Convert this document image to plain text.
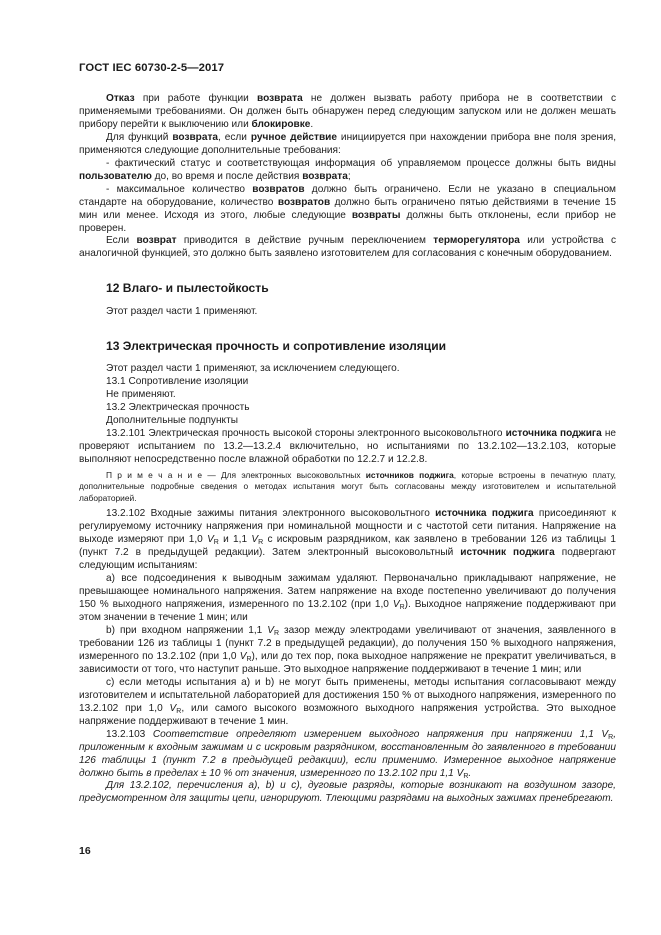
ГОСТ IEC 60730-2-5—2017

Отказ при работе функции возврата не должен вызвать работу прибора не в соответствии с применяемыми требованиями. Он должен быть обнаружен перед следующим запуском или не должен мешать прибору перейти к выключению или блокировке.

Для функций возврата, если ручное действие инициируется при нахождении прибора вне поля зрения, применяются следующие дополнительные требования:

- фактический статус и соответствующая информация об управляемом процессе должны быть видны пользователю до, во время и после действия возврата;

- максимальное количество возвратов должно быть ограничено. Если не указано в специальном стандарте на оборудование, количество возвратов должно быть ограничено пятью действиями в течение 15 мин или менее. Исходя из этого, любые следующие возвраты должны быть отклонены, если прибор не проверен.

Если возврат приводится в действие ручным переключением терморегулятора или устройства с аналогичной функцией, это должно быть заявлено изготовителем для согласования с конечным оборудованием.

12 Влаго- и пылестойкость

Этот раздел части 1 применяют.

13 Электрическая прочность и сопротивление изоляции

Этот раздел части 1 применяют, за исключением следующего.

13.1 Сопротивление изоляции

Не применяют.

13.2 Электрическая прочность

Дополнительные подпункты

13.2.101 Электрическая прочность высокой стороны электронного высоковольтного источника поджига не проверяют испытанием по 13.2—13.2.4 включительно, но испытаниями по 13.2.102—13.2.103, которые выполняют непосредственно после влажной обработки по 12.2.7 и 12.2.8.

П р и м е ч а н и е — Для электронных высоковольтных источников поджига, которые встроены в печатную плату, дополнительные подробные сведения о методах испытания могут быть согласованы между изготовителем и испытательной лабораторией.

13.2.102 Входные зажимы питания электронного высоковольтного источника поджига присоединяют к регулируемому источнику напряжения при номинальной мощности и с частотой сети питания. Напряжение на выходе измеряют при 1,0 $V_R$ и 1,1 $V_R$ с искровым разрядником, как заявлено в требовании 126 из таблицы 1 (пункт 7.2 в предыдущей редакции). Затем электронный высоковольтный источник поджига подвергают следующим испытаниям:

a) все подсоединения к выводным зажимам удаляют. Первоначально прикладывают напряжение, не превышающее номинального напряжения. Затем напряжение на входе постепенно увеличивают до получения 150 % выходного напряжения, измеренного по 13.2.102 (при 1,0 $V_R$). Выходное напряжение поддерживают при этом значении в течение 1 мин; или

b) при входном напряжении 1,1 $V_R$ зазор между электродами увеличивают от значения, заявленного в требовании 126 из таблицы 1 (пункт 7.2 в предыдущей редакции), до получения 150 % выходного напряжения, измеренного по 13.2.102 (при 1,0 $V_R$), или до тех пор, пока выходное напряжение не прекратит увеличиваться, в зависимости от того, что наступит раньше. Это выходное напряжение поддерживают в течение 1 мин; или

c) если методы испытания a) и b) не могут быть применены, методы испытания согласовывают между изготовителем и испытательной лабораторией для достижения 150 % от выходного напряжения, измеренного по 13.2.102 при 1,0 $V_R$, или самого высокого возможного выходного напряжения устройства. Это выходное напряжение поддерживают в течение 1 мин.

13.2.103 Соответствие определяют измерением выходного напряжения при напряжении 1,1 $V_R$, приложенным к входным зажимам и с искровым разрядником, восстановленным до заявленного в требовании 126 таблицы 1 (пункт 7.2 в предыдущей редакции), если применимо. Измеренное выходное напряжение должно быть в пределах ± 10 % от значения, измеренного по 13.2.102 при 1,1 $V_R$.

Для 13.2.102, перечисления a), b) и c), дуговые разряды, которые возникают на воздушном зазоре, предусмотренном для защиты цепи, игнорируют. Тлеющими разрядами на выходных зажимах пренебрегают.

16
